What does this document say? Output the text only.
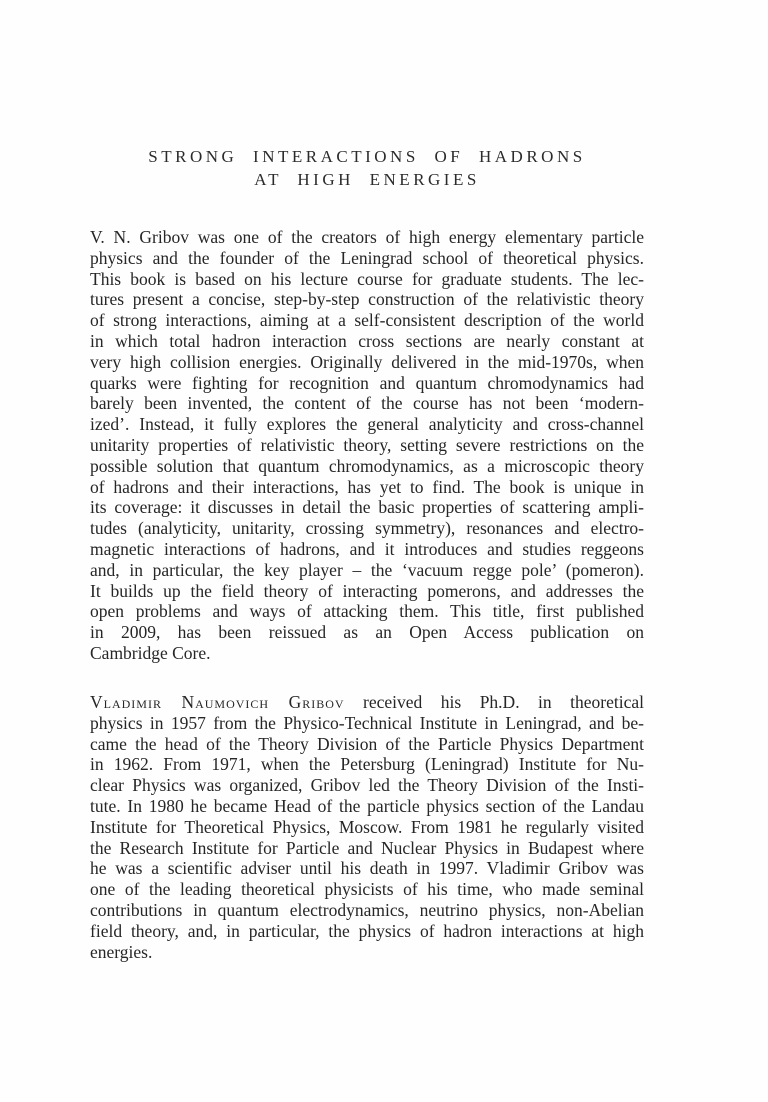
STRONG INTERACTIONS OF HADRONS
AT HIGH ENERGIES
V. N. Gribov was one of the creators of high energy elementary particle
physics and the founder of the Leningrad school of theoretical physics.
This book is based on his lecture course for graduate students. The lec-
tures present a concise, step-by-step construction of the relativistic theory
of strong interactions, aiming at a self-consistent description of the world
in which total hadron interaction cross sections are nearly constant at
very high collision energies. Originally delivered in the mid-1970s, when
quarks were fighting for recognition and quantum chromodynamics had
barely been invented, the content of the course has not been ‘modern-
ized’. Instead, it fully explores the general analyticity and cross-channel
unitarity properties of relativistic theory, setting severe restrictions on the
possible solution that quantum chromodynamics, as a microscopic theory
of hadrons and their interactions, has yet to find. The book is unique in
its coverage: it discusses in detail the basic properties of scattering ampli-
tudes (analyticity, unitarity, crossing symmetry), resonances and electro-
magnetic interactions of hadrons, and it introduces and studies reggeons
and, in particular, the key player – the ‘vacuum regge pole’ (pomeron).
It builds up the field theory of interacting pomerons, and addresses the
open problems and ways of attacking them. This title, first published
in 2009, has been reissued as an Open Access publication on
Cambridge Core.
Vladimir Naumovich Gribov received his Ph.D. in theoretical
physics in 1957 from the Physico-Technical Institute in Leningrad, and be-
came the head of the Theory Division of the Particle Physics Department
in 1962. From 1971, when the Petersburg (Leningrad) Institute for Nu-
clear Physics was organized, Gribov led the Theory Division of the Insti-
tute. In 1980 he became Head of the particle physics section of the Landau
Institute for Theoretical Physics, Moscow. From 1981 he regularly visited
the Research Institute for Particle and Nuclear Physics in Budapest where
he was a scientific adviser until his death in 1997. Vladimir Gribov was
one of the leading theoretical physicists of his time, who made seminal
contributions in quantum electrodynamics, neutrino physics, non-Abelian
field theory, and, in particular, the physics of hadron interactions at high
energies.
